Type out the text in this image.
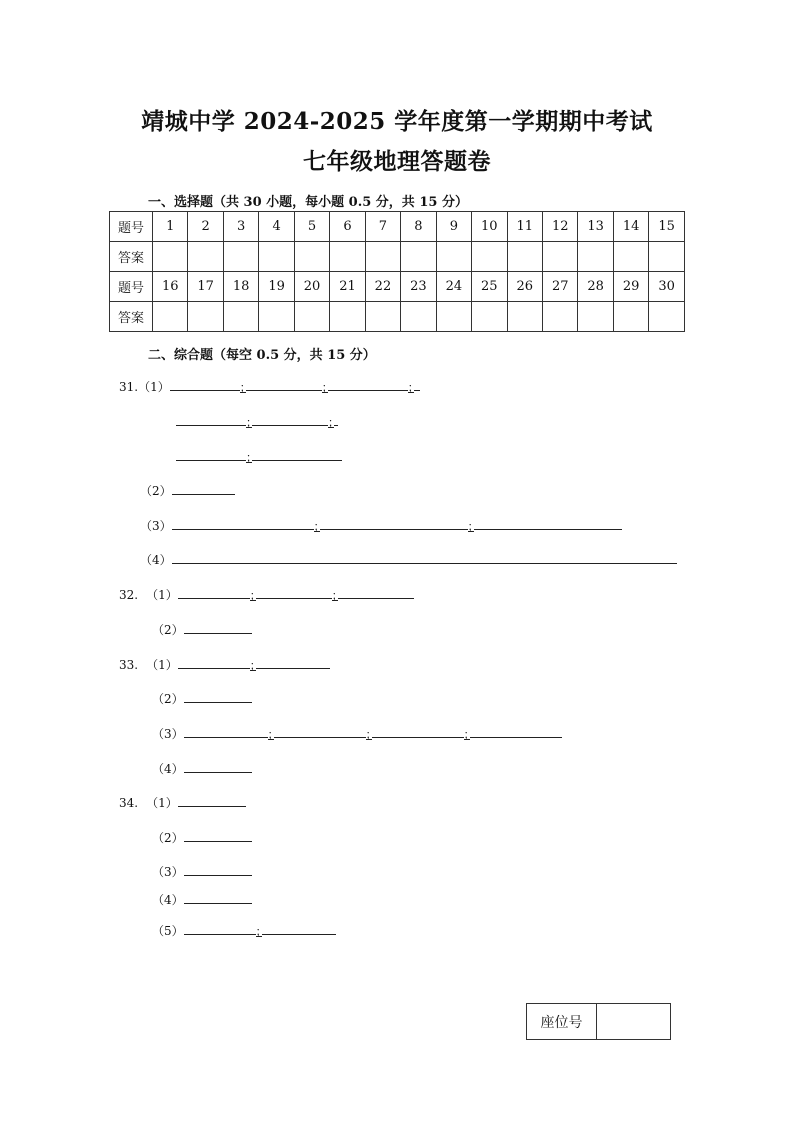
靖城中学 2024-2025 学年度第一学期期中考试
七年级地理答题卷
一、选择题（共 30 小题，每小题 0.5 分，共 15 分）
题号	1	2	3	4	5	6	7	8	9	10	11	12	13	14	15
答案															
题号	16	17	18	19	20	21	22	23	24	25	26	27	28	29	30
答案															
二、综合题（每空 0.5 分，共 15 分）
31.（1）	；	；	；
；	；
；
（2）
（3）	；	；
（4）
32. （1）	；	；
（2）
33. （1）	；
（2）
（3）	；	；	；
（4）
34. （1）
（2）
（3）
（4）
（5）	；
座位号
